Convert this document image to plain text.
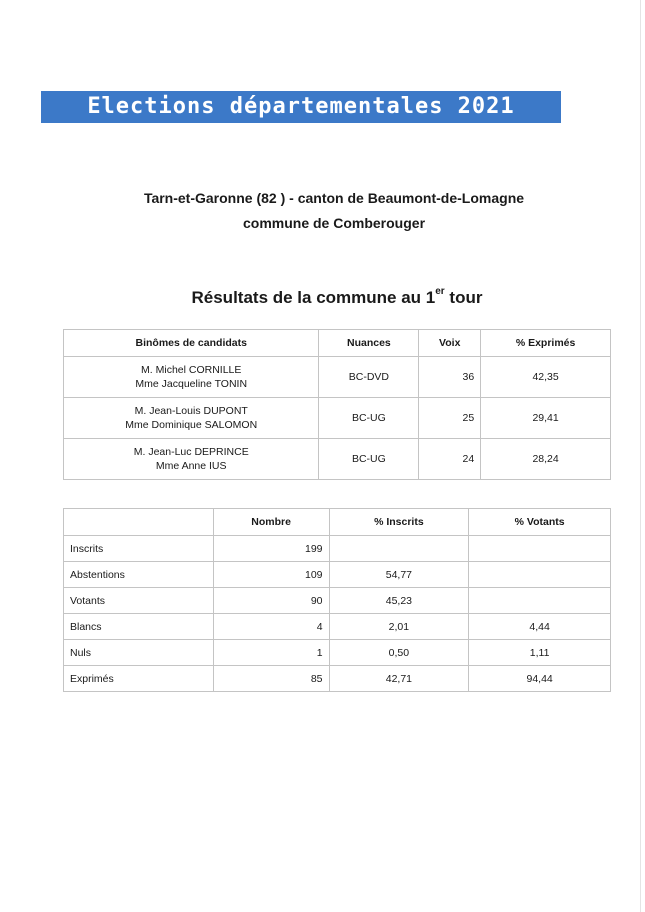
Elections départementales 2021
Tarn-et-Garonne (82 ) - canton de Beaumont-de-Lomagne
commune de Comberouger
Résultats de la commune au 1er tour
Binômes de candidats	Nuances	Voix	% Exprimés

M. Michel CORNILLE
Mme Jacqueline TONIN	BC-DVD	36	42,35

M. Jean-Louis DUPONT
Mme Dominique SALOMON	BC-UG	25	29,41

M. Jean-Luc DEPRINCE
Mme Anne IUS	BC-UG	24	28,24
	Nombre	% Inscrits	% Votants
Inscrits	199		
Abstentions	109	54,77	
Votants	90	45,23	
Blancs	4	2,01	4,44
Nuls	1	0,50	1,11
Exprimés	85	42,71	94,44
